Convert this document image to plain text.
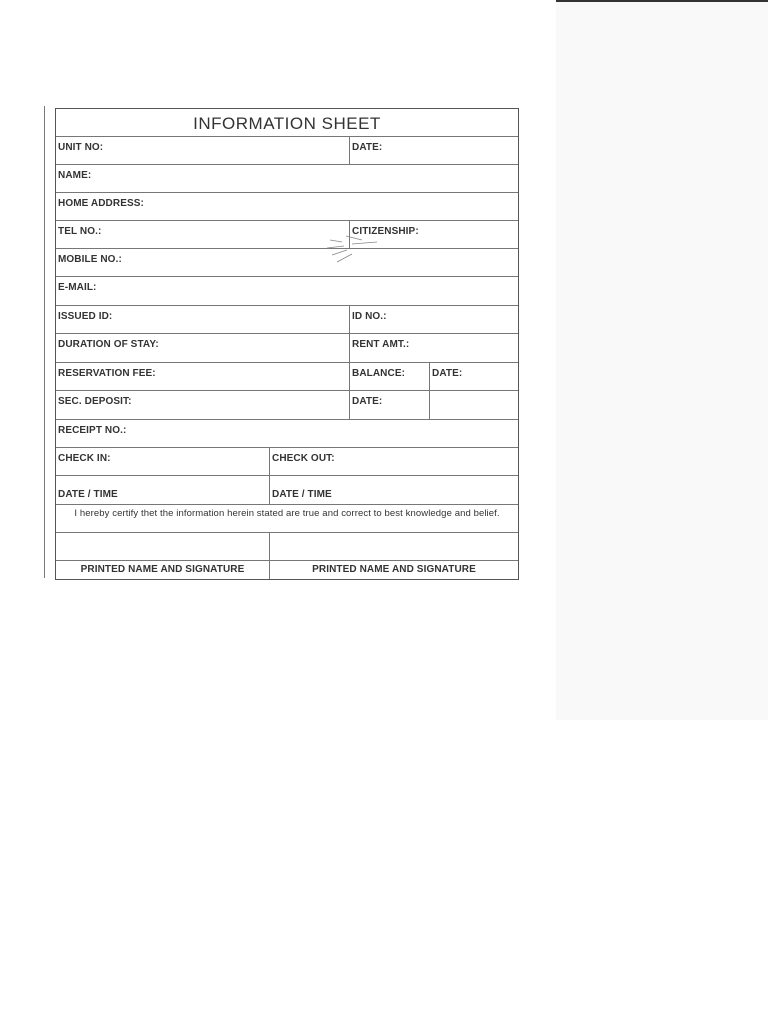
INFORMATION SHEET
UNIT NO:	DATE:
NAME:
HOME ADDRESS:
TEL NO.:	CITIZENSHIP:
MOBILE NO.:
E-MAIL:
ISSUED ID:	ID NO.:
DURATION OF STAY:	RENT AMT.:
RESERVATION FEE:	BALANCE:	DATE:
SEC. DEPOSIT:	DATE:
RECEIPT NO.:
CHECK IN:	CHECK OUT:
DATE / TIME	DATE / TIME
I hereby certify thet the information herein stated are true and correct to best knowledge and belief.
PRINTED NAME AND SIGNATURE	PRINTED NAME AND SIGNATURE
